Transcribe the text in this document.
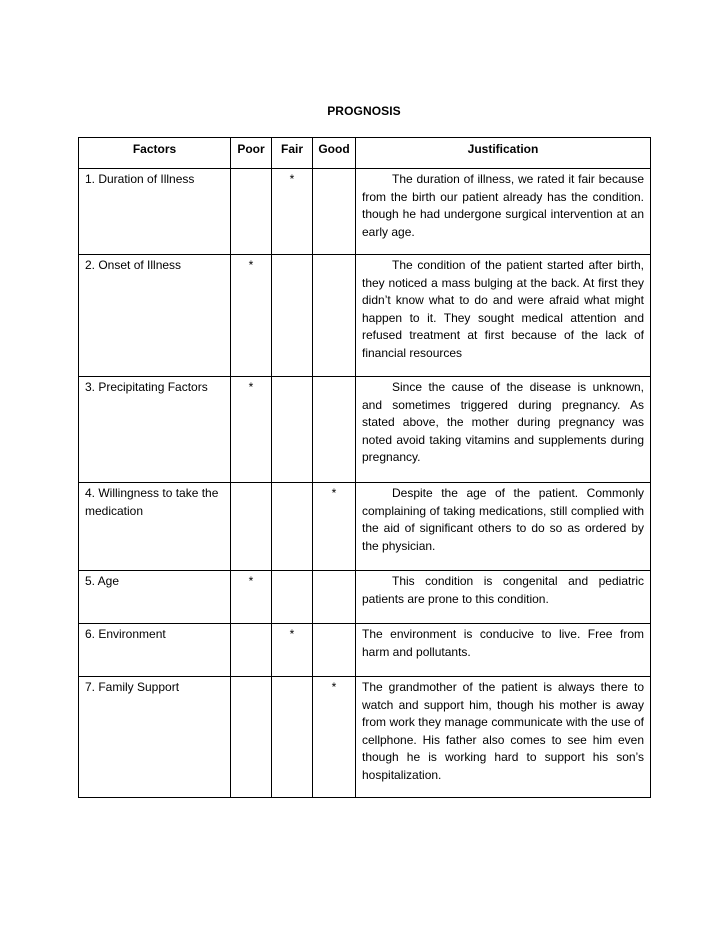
PROGNOSIS
Factors	Poor	Fair	Good	Justification
1. Duration of Illness		*		The duration of illness, we rated it fair because from the birth our patient already has the condition. though he had undergone surgical intervention at an early age.
2. Onset of Illness	*			The condition of the patient started after birth, they noticed a mass bulging at the back. At first they didn’t know what to do and were afraid what might happen to it. They sought medical attention and refused treatment at first because of the lack of financial resources
3. Precipitating Factors	*			Since the cause of the disease is unknown, and sometimes triggered during pregnancy. As stated above, the mother during pregnancy was noted avoid taking vitamins and supplements during pregnancy.
4. Willingness to take the medication			*	Despite the age of the patient. Commonly complaining of taking medications, still complied with the aid of significant others to do so as ordered by the physician.
5. Age	*			This condition is congenital and pediatric patients are prone to this condition.
6. Environment		*		The environment is conducive to live. Free from harm and pollutants.
7. Family Support			*	The grandmother of the patient is always there to watch and support him, though his mother is away from work they manage communicate with the use of cellphone. His father also comes to see him even though he is working hard to support his son’s hospitalization.
